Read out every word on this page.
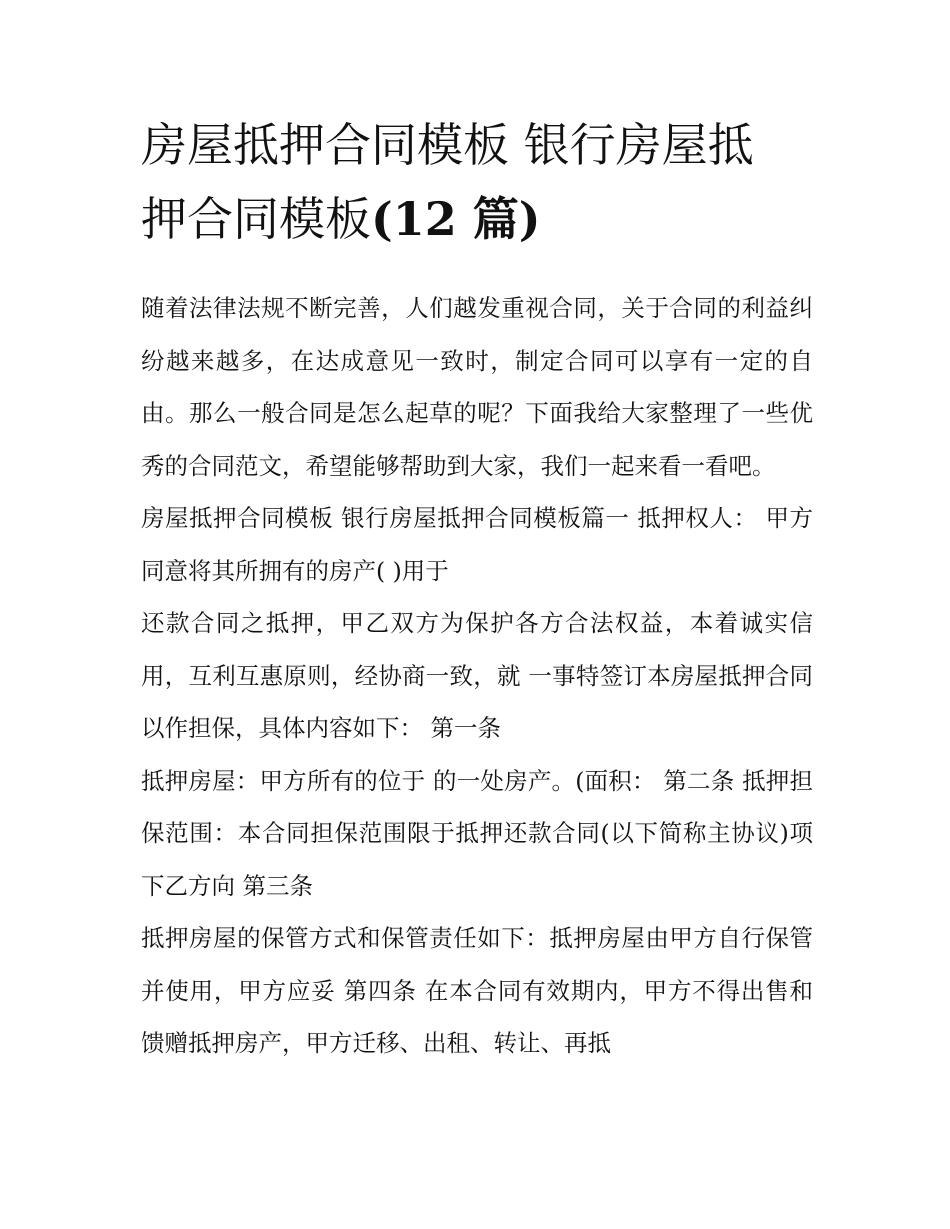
房屋抵押合同模板 银行房屋抵
押合同模板(12 篇)

随着法律法规不断完善，人们越发重视合同，关于合同的利益纠纷越来越多，在达成意见一致时，制定合同可以享有一定的自由。那么一般合同是怎么起草的呢？下面我给大家整理了一些优秀的合同范文，希望能够帮助到大家，我们一起来看一看吧。

房屋抵押合同模板 银行房屋抵押合同模板篇一 抵押权人： 甲方同意将其所拥有的房产( )用于

还款合同之抵押，甲乙双方为保护各方合法权益，本着诚实信用，互利互惠原则，经协商一致，就 一事特签订本房屋抵押合同以作担保，具体内容如下： 第一条

抵押房屋：甲方所有的位于 的一处房产。(面积： 第二条 抵押担保范围：本合同担保范围限于抵押还款合同(以下简称主协议)项下乙方向 第三条

抵押房屋的保管方式和保管责任如下：抵押房屋由甲方自行保管并使用，甲方应妥 第四条 在本合同有效期内，甲方不得出售和馈赠抵押房产，甲方迁移、出租、转让、再抵
